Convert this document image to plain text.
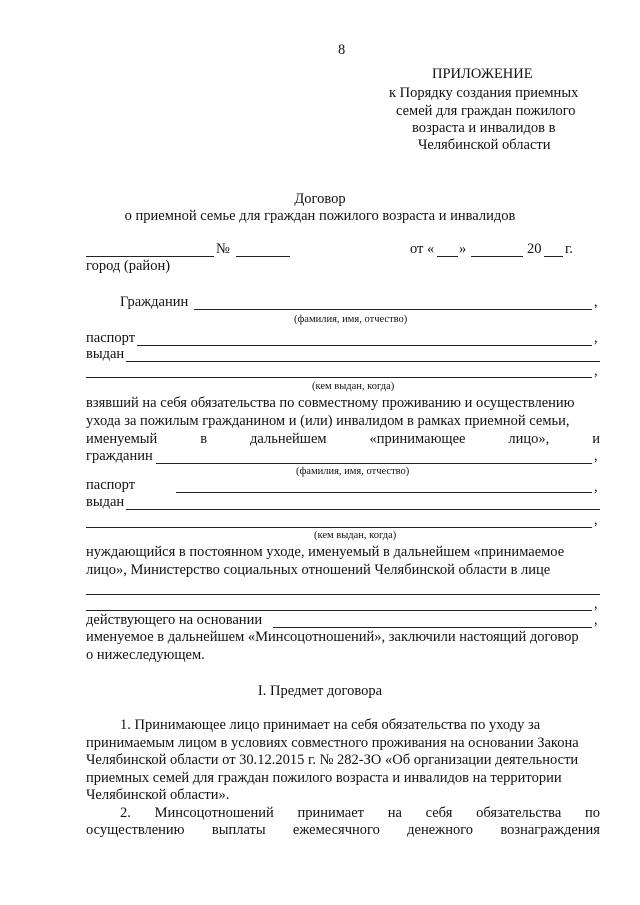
8
ПРИЛОЖЕНИЕ
к Порядку создания приемных
семей для граждан пожилого
возраста и инвалидов в
Челябинской области
Договор
о приемной семье для граждан пожилого возраста и инвалидов
№	от « »	20 г.
город (район)
Гражданин	,
(фамилия, имя, отчество)
паспорт	,
выдан
,
(кем выдан, когда)
взявший на себя обязательства по совместному проживанию и осуществлению
ухода за пожилым гражданином и (или) инвалидом в рамках приемной семьи,
именуемый	в	дальнейшем	«принимающее	лицо»,	и
гражданин	,
(фамилия, имя, отчество)
паспорт	,
выдан
,
(кем выдан, когда)
нуждающийся в постоянном уходе, именуемый в дальнейшем «принимаемое
лицо», Министерство социальных отношений Челябинской области в лице
,
действующего на основании	,
именуемое в дальнейшем «Минсоцотношений», заключили настоящий договор
о нижеследующем.
I. Предмет договора
1. Принимающее лицо принимает на себя обязательства по уходу за
принимаемым лицом в условиях совместного проживания на основании Закона
Челябинской области от 30.12.2015 г. № 282-ЗО «Об организации деятельности
приемных семей для граждан пожилого возраста и инвалидов на территории
Челябинской области».
2. Минсоцотношений принимает на себя обязательства по
осуществлению выплаты ежемесячного денежного вознаграждения
